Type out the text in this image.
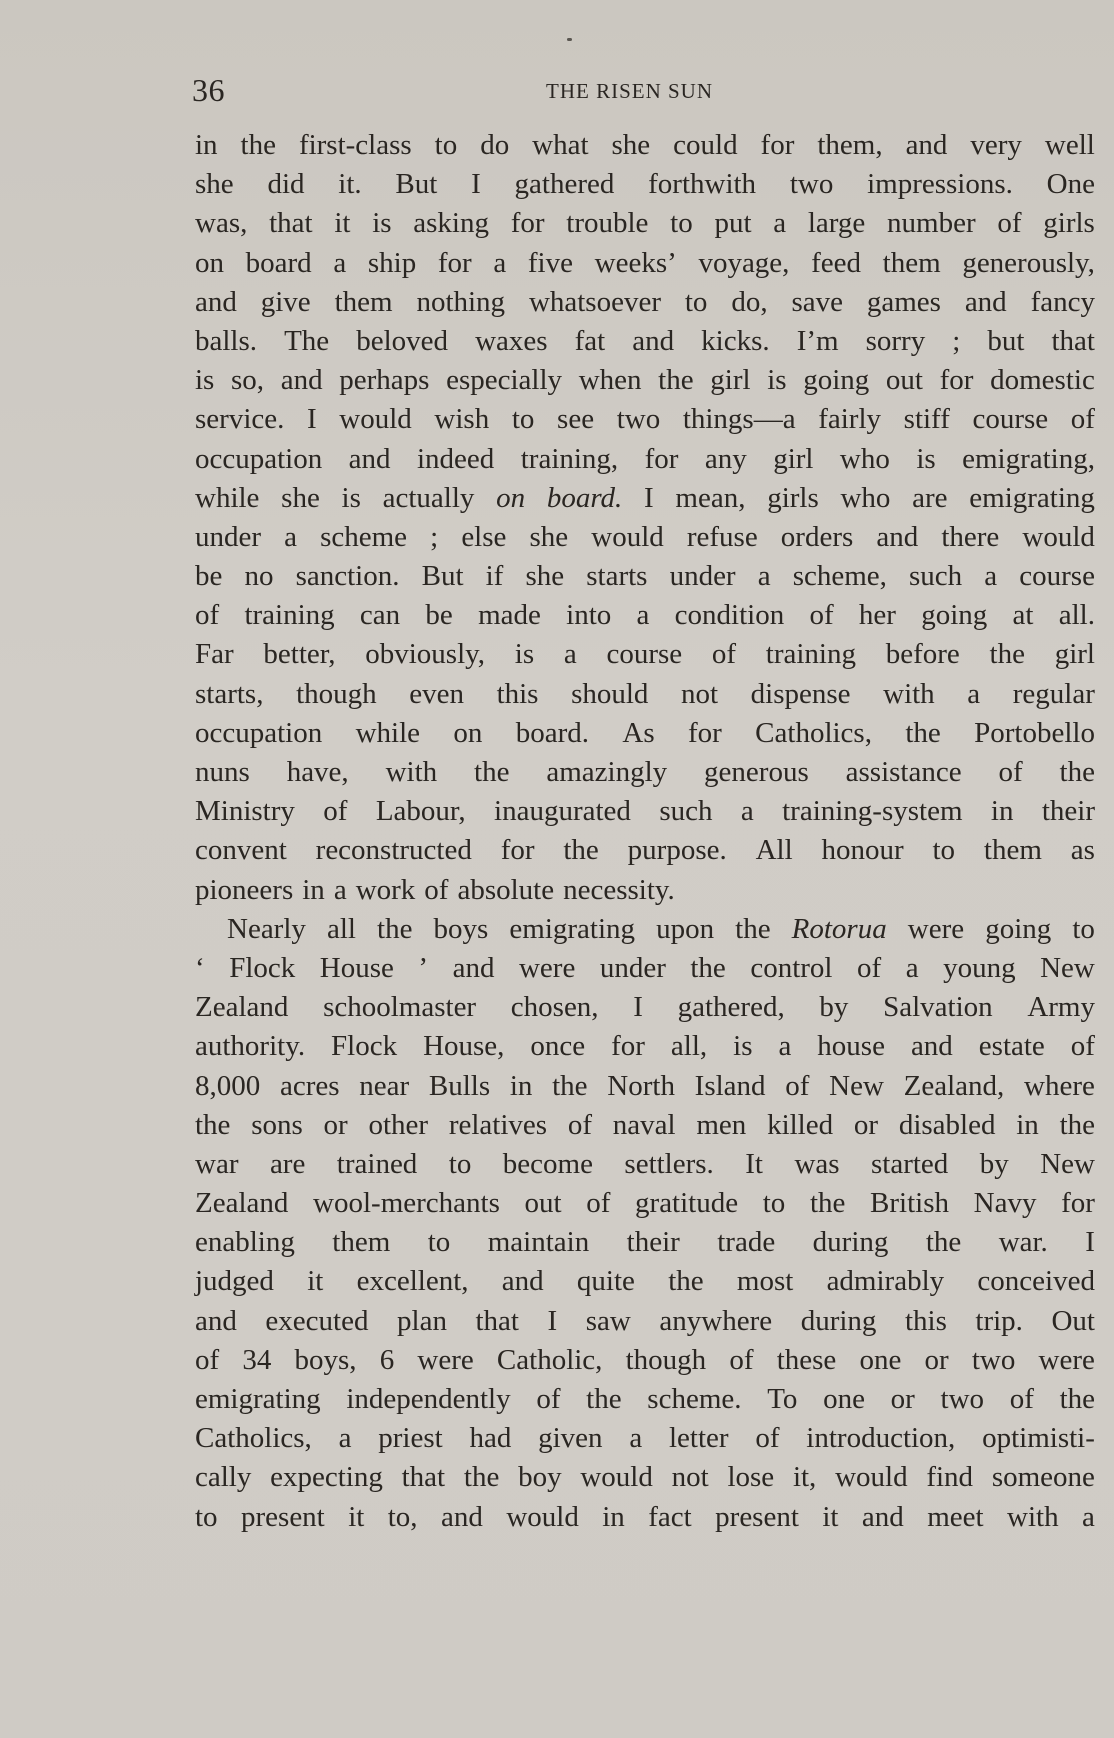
36	THE RISEN SUN
in the first-class to do what she could for them, and very well
she did it. But I gathered forthwith two impressions. One
was, that it is asking for trouble to put a large number of girls
on board a ship for a five weeks’ voyage, feed them generously,
and give them nothing whatsoever to do, save games and fancy
balls. The beloved waxes fat and kicks. I’m sorry ; but that
is so, and perhaps especially when the girl is going out for domestic
service. I would wish to see two things—a fairly stiff course of
occupation and indeed training, for any girl who is emigrating,
while she is actually on board. I mean, girls who are emigrating
under a scheme ; else she would refuse orders and there would
be no sanction. But if she starts under a scheme, such a course
of training can be made into a condition of her going at all.
Far better, obviously, is a course of training before the girl
starts, though even this should not dispense with a regular
occupation while on board. As for Catholics, the Portobello
nuns have, with the amazingly generous assistance of the
Ministry of Labour, inaugurated such a training-system in their
convent reconstructed for the purpose. All honour to them as
pioneers in a work of absolute necessity.
Nearly all the boys emigrating upon the Rotorua were going to
‘ Flock House ’ and were under the control of a young New
Zealand schoolmaster chosen, I gathered, by Salvation Army
authority. Flock House, once for all, is a house and estate of
8,000 acres near Bulls in the North Island of New Zealand, where
the sons or other relatives of naval men killed or disabled in the
war are trained to become settlers. It was started by New
Zealand wool-merchants out of gratitude to the British Navy for
enabling them to maintain their trade during the war. I
judged it excellent, and quite the most admirably conceived
and executed plan that I saw anywhere during this trip. Out
of 34 boys, 6 were Catholic, though of these one or two were
emigrating independently of the scheme. To one or two of the
Catholics, a priest had given a letter of introduction, optimisti-
cally expecting that the boy would not lose it, would find someone
to present it to, and would in fact present it and meet with a
